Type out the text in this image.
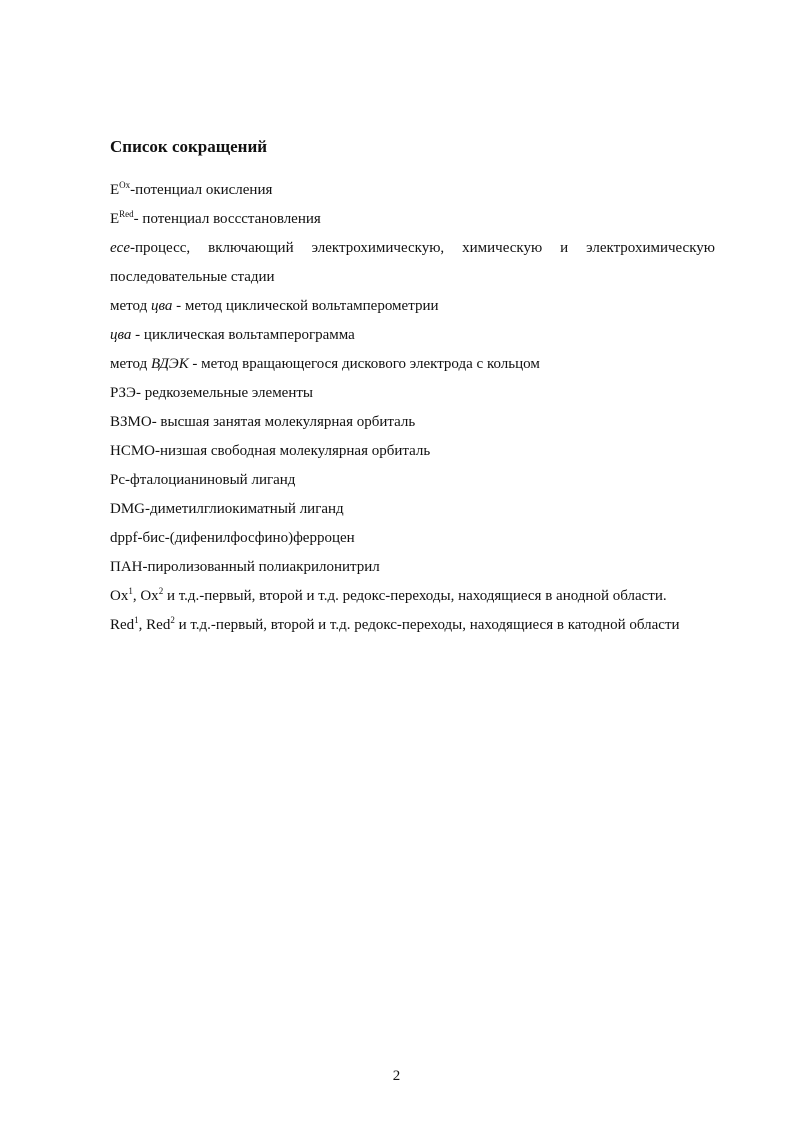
Список сокращений
$E^{Ox}$-потенциал окисления
$E^{Red}-$ потенциал восcстановления
ece-процесс, включающий электрохимическую, химическую и электрохимическую последовательные стадии
метод цва - метод циклической вольтамперометрии
цва - циклическая вольтамперограмма
метод ВДЭК - метод вращающегося дискового электрода с кольцом
РЗЭ- редкоземельные элементы
ВЗМО- высшая занятая молекулярная орбиталь
НСМО-низшая свободная молекулярная орбиталь
Pc-фталоцианиновый лиганд
DMG-диметилглиокиматный лиганд
dppf-бис-(дифенилфосфино)ферроцен
ПАН-пиролизованный полиакрилонитрил
Ox$^1$, Ox$^2$ и т.д.-первый, второй и т.д. редокс-переходы, находящиеся в анодной области.
Red$^1$, Red$^2$ и т.д.-первый, второй и т.д. редокс-переходы, находящиеся в катодной области
2
